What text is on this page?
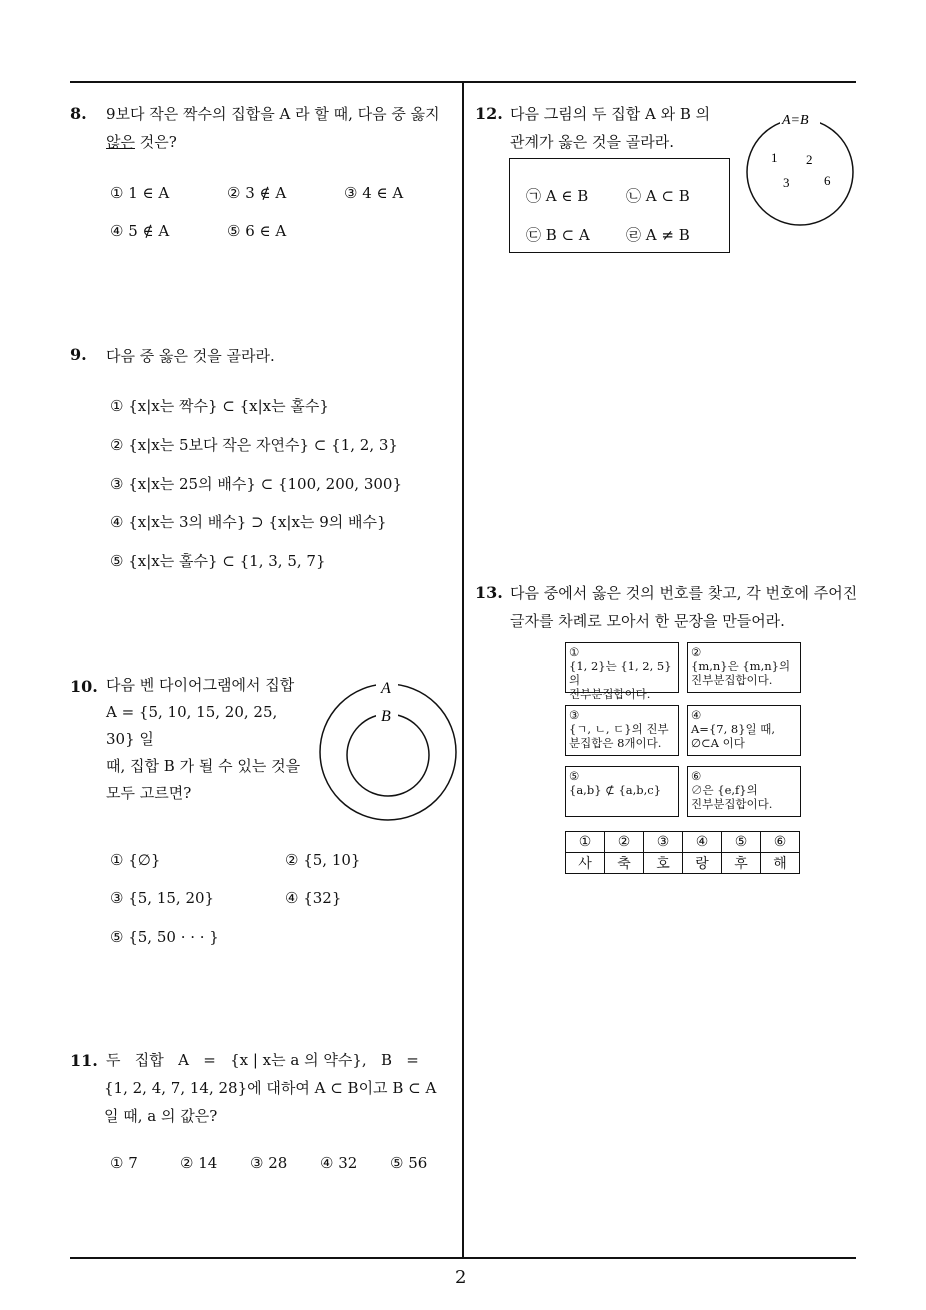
2
8. 9보다 작은 짝수의 집합을 A 라 할 때, 다음 중 옳지
않은 것은?
① 1 ∈ A	② 3 ∉ A	③ 4 ∈ A
④ 5 ∉ A	⑤ 6 ∈ A
9. 다음 중 옳은 것을 골라라.
① {x|x는 짝수} ⊂ {x|x는 홀수}
② {x|x는 5보다 작은 자연수} ⊂ {1, 2, 3}
③ {x|x는 25의 배수} ⊂ {100, 200, 300}
④ {x|x는 3의 배수} ⊃ {x|x는 9의 배수}
⑤ {x|x는 홀수} ⊂ {1, 3, 5, 7}
10. 다음 벤 다이어그램에서 집합
A = {5, 10, 15, 20, 25, 30} 일
때, 집합 B 가 될 수 있는 것을
모두 고르면?
A
B
① {∅}	② {5, 10}
③ {5, 15, 20}	④ {32}
⑤ {5, 50 · · · }
11. 두   집합   A   =   {x | x는 a 의 약수},   B   =
{1, 2, 4, 7, 14, 28}에 대하여 A ⊂ B이고 B ⊂ A
일 때, a 의 값은?
① 7	② 14 ③ 28 ④ 32 ⑤ 56
12. 다음 그림의 두 집합 A 와 B 의
관계가 옳은 것을 골라라.
㉠ A ∈ B	㉡ A ⊂ B
㉢ B ⊂ A ㉣ A ≠ B
A=B
1 2
3	6
13. 다음 중에서 옳은 것의 번호를 찾고, 각 번호에 주어진
글자를 차례로 모아서 한 문장을 만들어라.
①
{1, 2}는 {1, 2, 5}의
진부분집합이다.
②
{m,n}은 {m,n}의
진부분집합이다.
③
{ㄱ, ㄴ, ㄷ}의 진부
분집합은 8개이다.
④
A={7, 8}일 때,
∅⊂A 이다
⑤
{a,b} ⊄ {a,b,c}
⑥
∅은 {e,f}의
진부분집합이다.
①	②	③	④	⑤	⑥
사	축	호	랑	후	해
